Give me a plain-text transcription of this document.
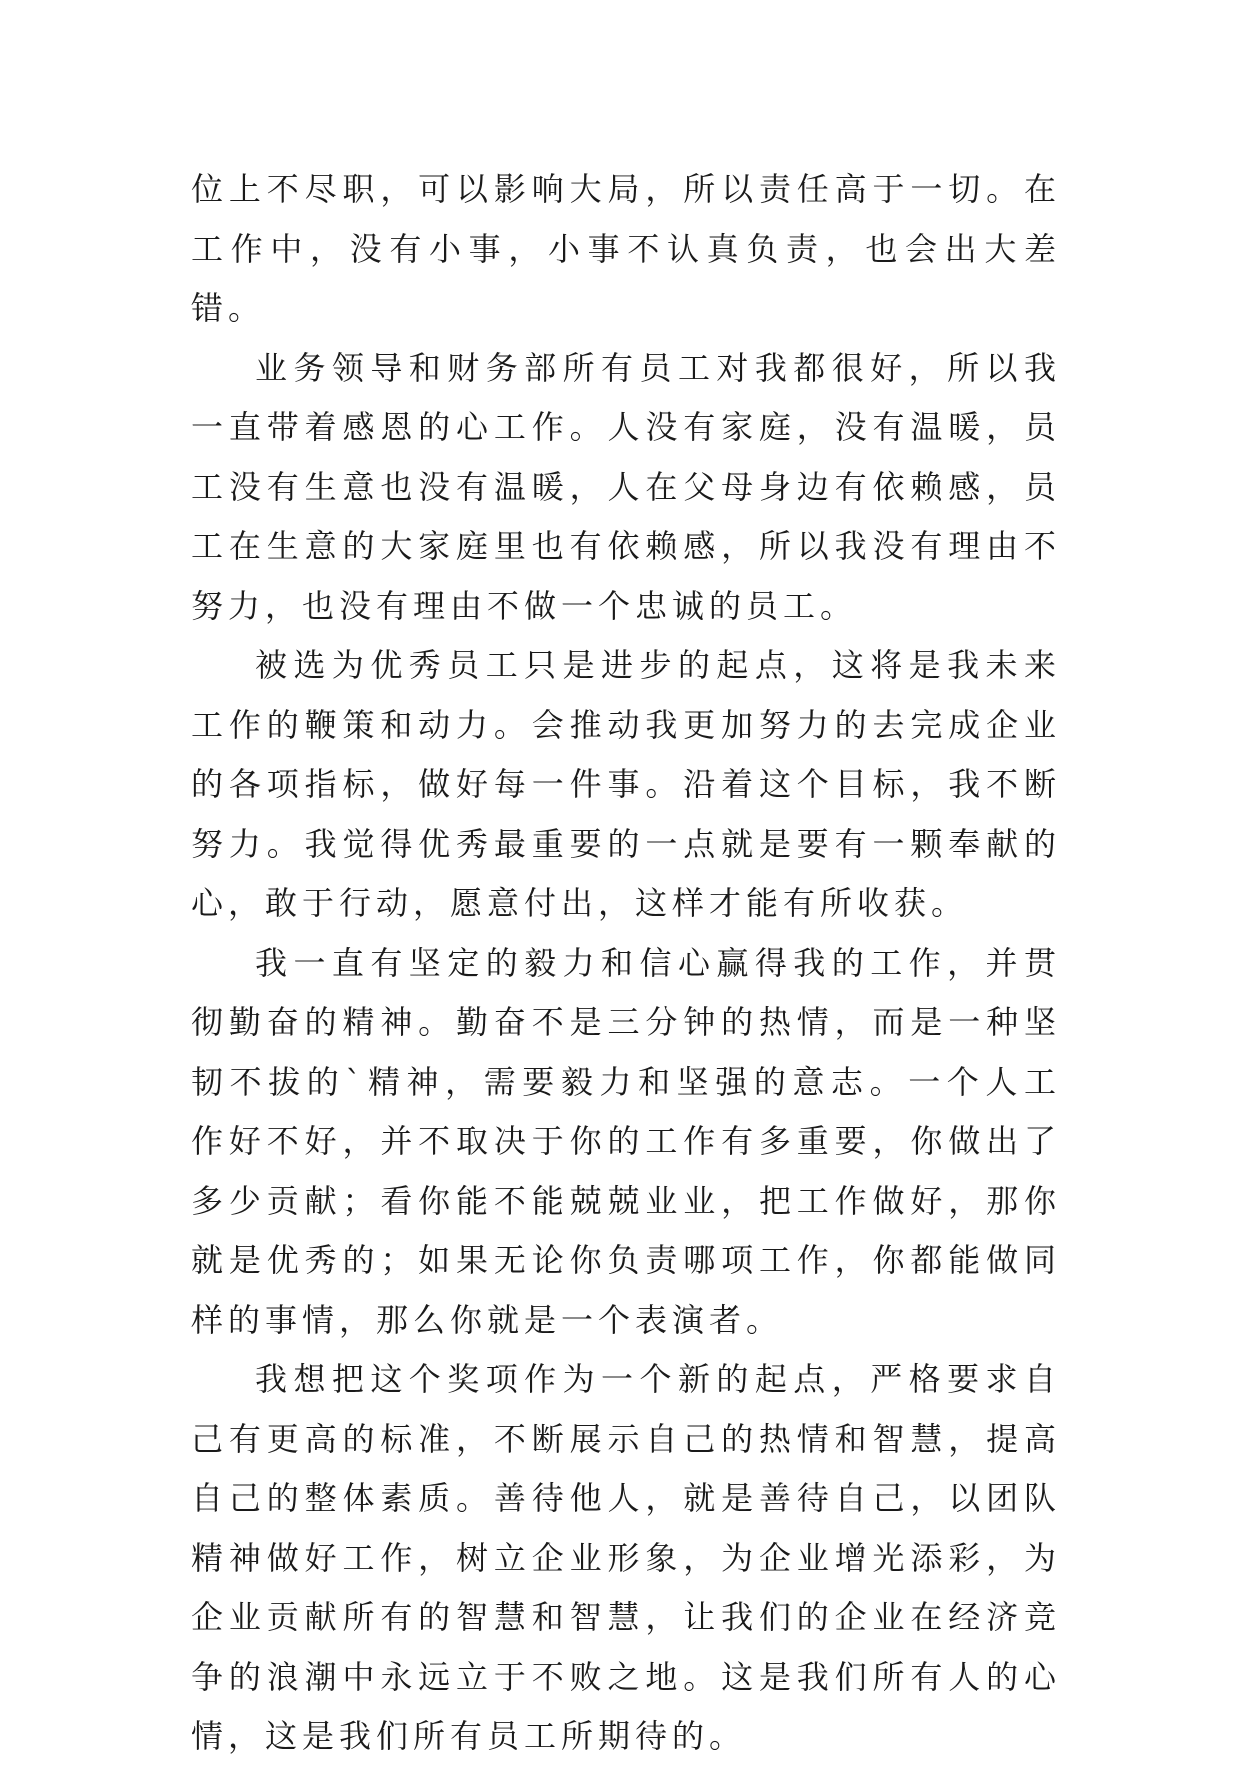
位上不尽职，可以影响大局，所以责任高于一切。在工作中，没有小事，小事不认真负责，也会出大差错。

业务领导和财务部所有员工对我都很好，所以我一直带着感恩的心工作。人没有家庭，没有温暖，员工没有生意也没有温暖，人在父母身边有依赖感，员工在生意的大家庭里也有依赖感，所以我没有理由不努力，也没有理由不做一个忠诚的员工。

被选为优秀员工只是进步的起点，这将是我未来工作的鞭策和动力。会推动我更加努力的去完成企业的各项指标，做好每一件事。沿着这个目标，我不断努力。我觉得优秀最重要的一点就是要有一颗奉献的心，敢于行动，愿意付出，这样才能有所收获。

我一直有坚定的毅力和信心赢得我的工作，并贯彻勤奋的精神。勤奋不是三分钟的热情，而是一种坚韧不拔的`精神，需要毅力和坚强的意志。一个人工作好不好，并不取决于你的工作有多重要，你做出了多少贡献；看你能不能兢兢业业，把工作做好，那你就是优秀的；如果无论你负责哪项工作，你都能做同样的事情，那么你就是一个表演者。

我想把这个奖项作为一个新的起点，严格要求自己有更高的标准，不断展示自己的热情和智慧，提高自己的整体素质。善待他人，就是善待自己，以团队精神做好工作，树立企业形象，为企业增光添彩，为企业贡献所有的智慧和智慧，让我们的企业在经济竞争的浪潮中永远立于不败之地。这是我们所有人的心情，这是我们所有员工所期待的。
